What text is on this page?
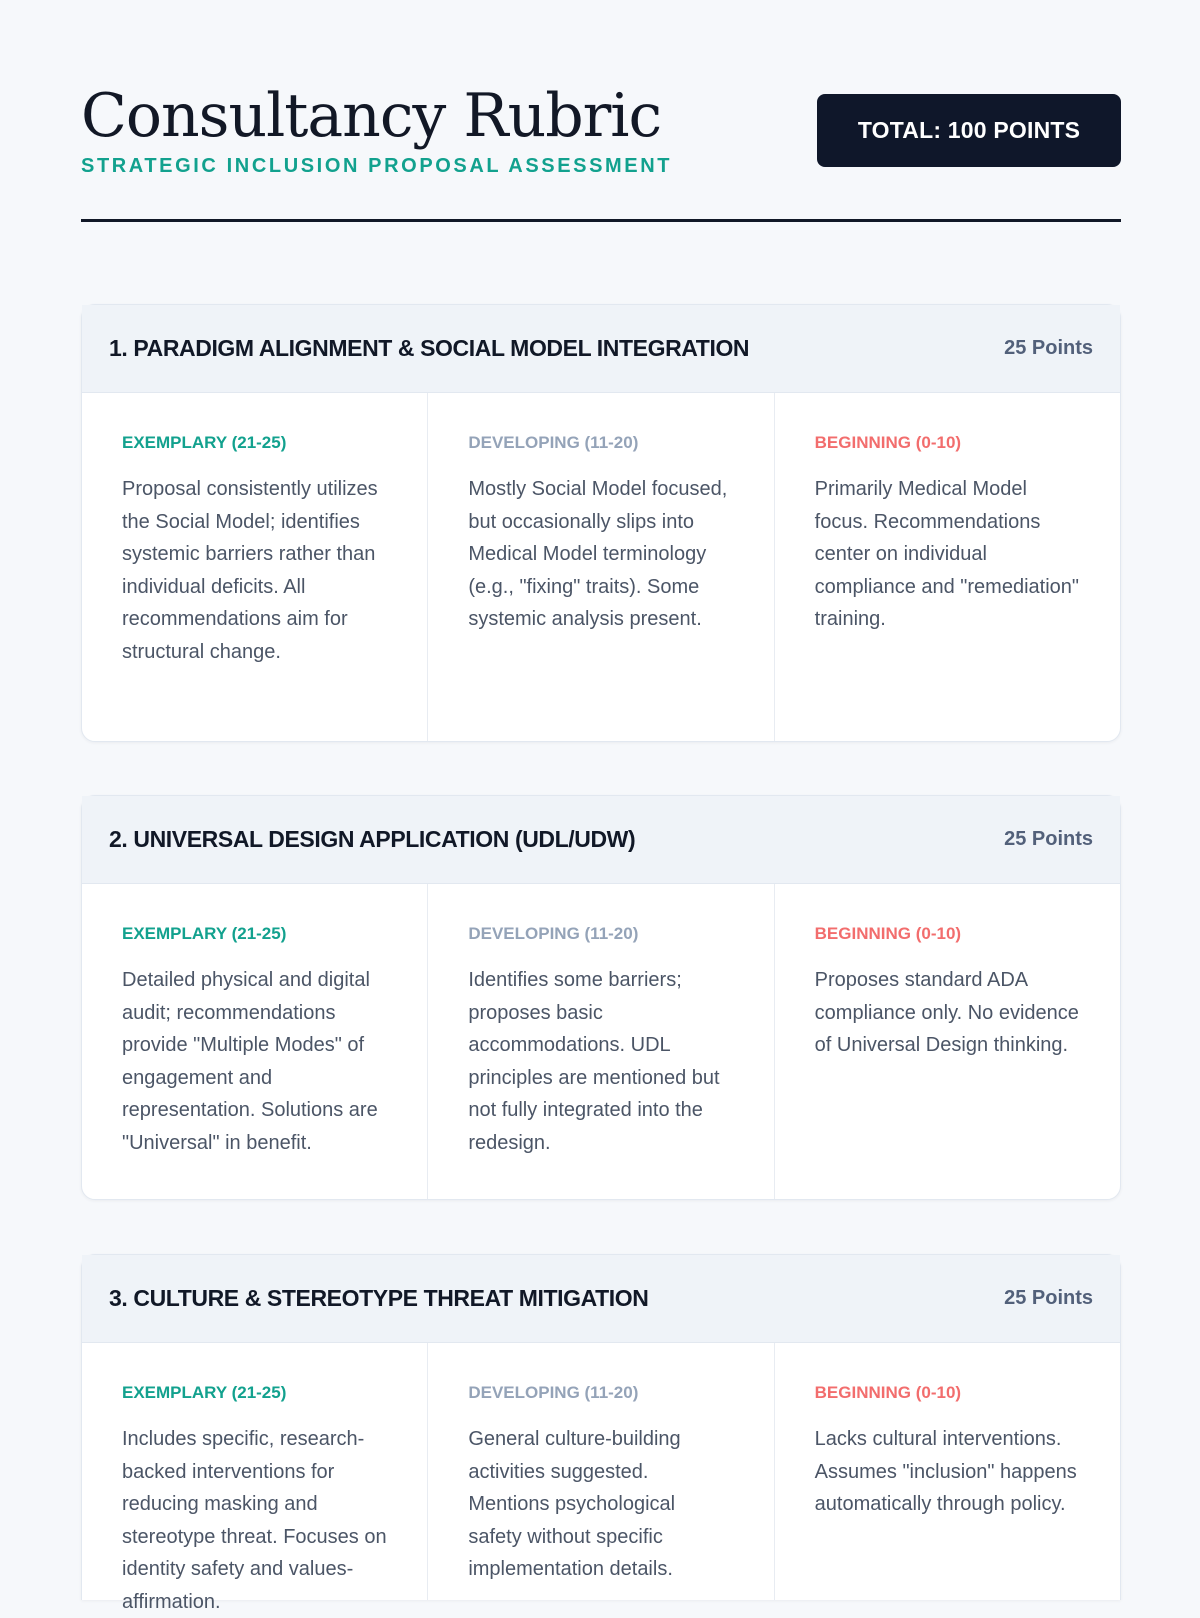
Consultancy Rubric
STRATEGIC INCLUSION PROPOSAL ASSESSMENT
TOTAL: 100 POINTS
1. PARADIGM ALIGNMENT & SOCIAL MODEL INTEGRATION	25 Points
EXEMPLARY (21-25)

Proposal consistently utilizes the Social Model; identifies systemic barriers rather than individual deficits. All recommendations aim for structural change.

DEVELOPING (11-20)

Mostly Social Model focused, but occasionally slips into Medical Model terminology (e.g., "fixing" traits). Some systemic analysis present.

BEGINNING (0-10)

Primarily Medical Model focus. Recommendations center on individual compliance and "remediation" training.

2. UNIVERSAL DESIGN APPLICATION (UDL/UDW)	25 Points
EXEMPLARY (21-25)

Detailed physical and digital audit; recommendations provide "Multiple Modes" of engagement and representation. Solutions are "Universal" in benefit.

DEVELOPING (11-20)

Identifies some barriers; proposes basic accommodations. UDL principles are mentioned but not fully integrated into the redesign.

BEGINNING (0-10)

Proposes standard ADA compliance only. No evidence of Universal Design thinking.

3. CULTURE & STEREOTYPE THREAT MITIGATION	25 Points
EXEMPLARY (21-25)

Includes specific, research-backed interventions for reducing masking and stereotype threat. Focuses on identity safety and values-affirmation.

DEVELOPING (11-20)

General culture-building activities suggested. Mentions psychological safety without specific implementation details.

BEGINNING (0-10)

Lacks cultural interventions. Assumes "inclusion" happens automatically through policy.
